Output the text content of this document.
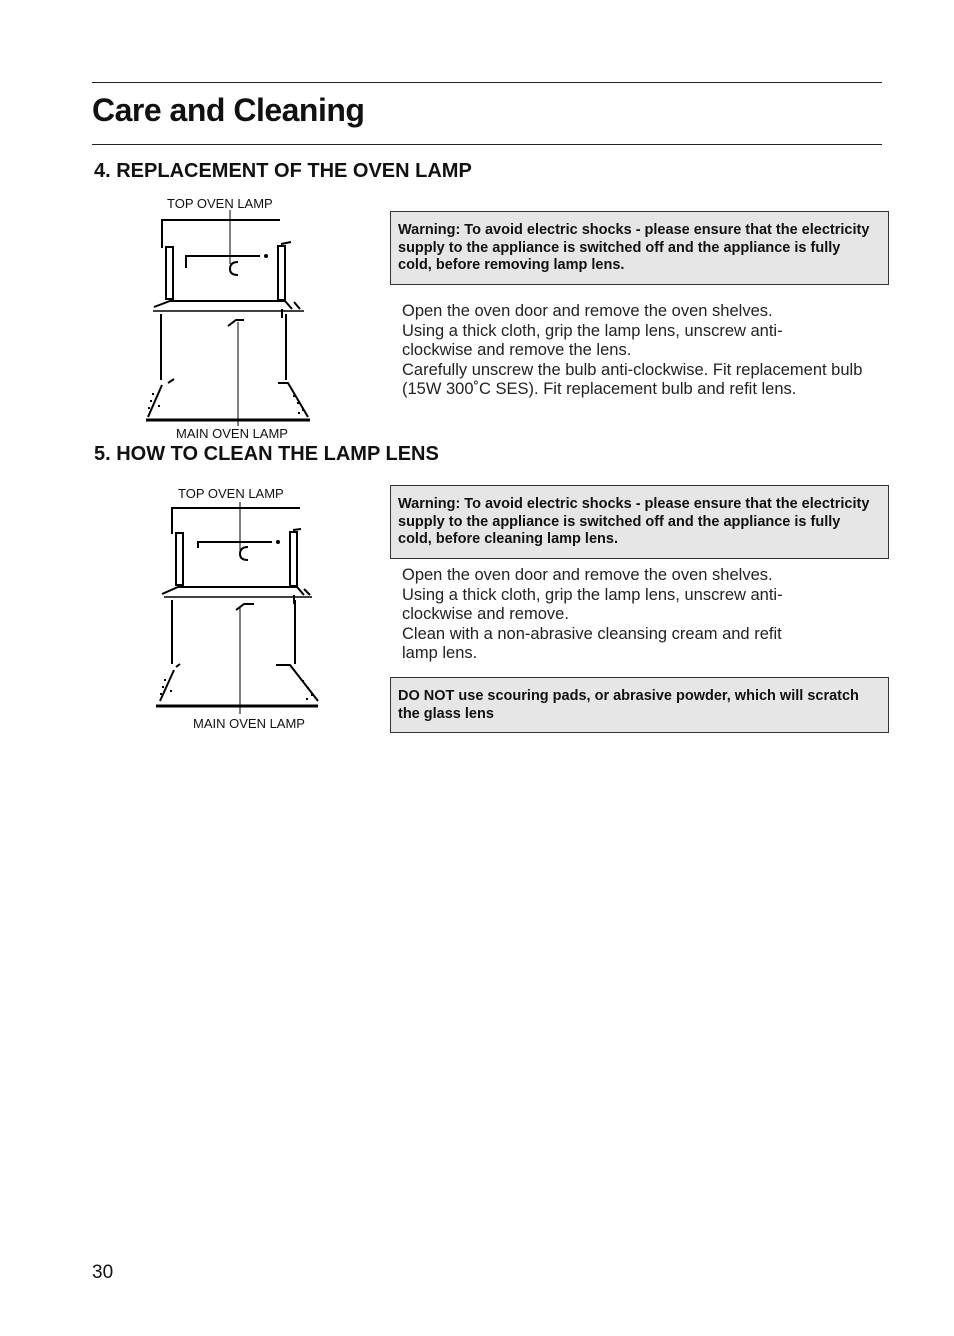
Care and Cleaning
4. REPLACEMENT OF THE OVEN LAMP
TOP OVEN LAMP
MAIN OVEN LAMP
Warning: To avoid electric shocks - please ensure that the electricity supply to the appliance is switched off and the appliance is fully cold, before removing lamp lens.

Open the oven door and remove the oven shelves.
Using a thick cloth, grip the lamp lens, unscrew anti-clockwise and remove the lens.
Carefully unscrew the bulb anti-clockwise. Fit replacement bulb (15W 300˚C SES). Fit replacement bulb and refit lens.

5. HOW TO CLEAN THE LAMP LENS
TOP OVEN LAMP
MAIN OVEN LAMP
Warning: To avoid electric shocks - please ensure that the electricity supply to the appliance is switched off and the appliance is fully cold, before cleaning lamp lens.

Open the oven door and remove the oven shelves.
Using a thick cloth, grip the lamp lens, unscrew anti-clockwise and remove.
Clean with a non-abrasive cleansing cream and refit lamp lens.

DO NOT use scouring pads, or abrasive powder, which will scratch the glass lens
30
